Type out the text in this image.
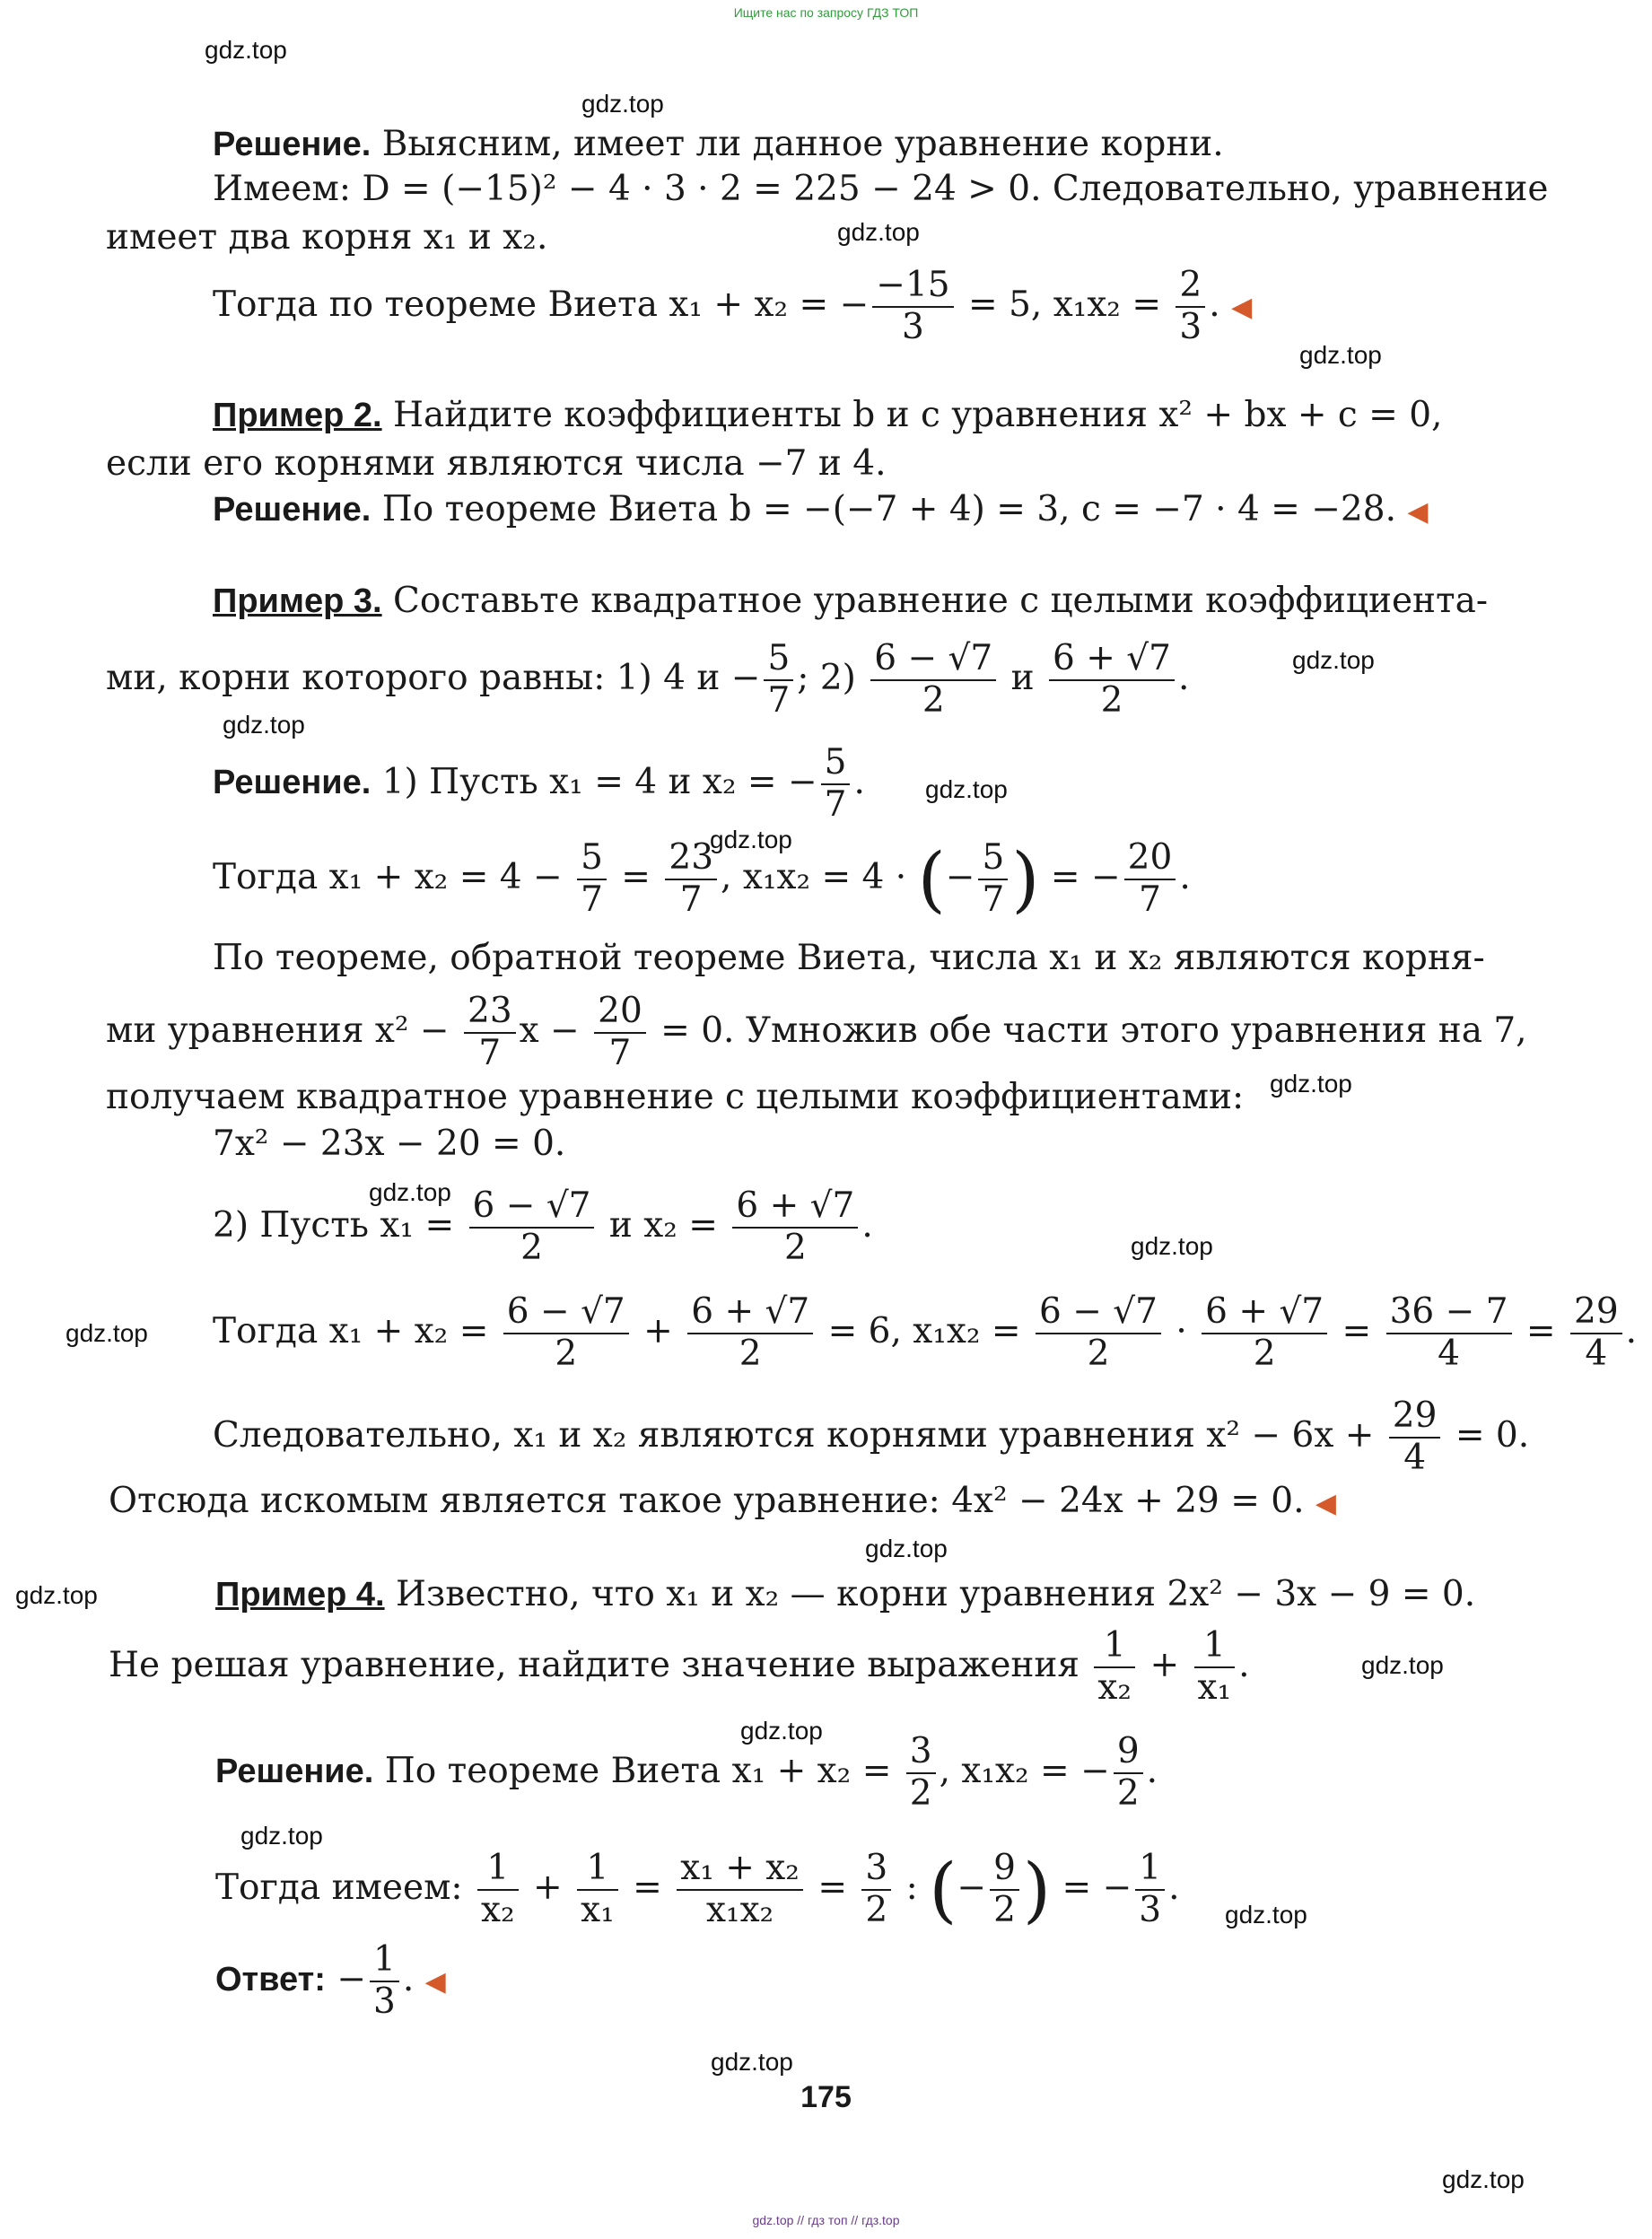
Ищите нас по запросу ГДЗ ТОП
gdz.top
gdz.top
gdz.top
gdz.top
gdz.top
gdz.top
gdz.top
gdz.top
gdz.top
gdz.top
gdz.top
gdz.top
gdz.top
gdz.top
gdz.top
gdz.top
gdz.top
gdz.top
gdz.top
gdz.top
Решение. Выясним, имеет ли данное уравнение корни.
Имеем: D = (−15)² − 4 · 3 · 2 = 225 − 24 > 0. Следовательно, уравнение
имеет два корня x₁ и x₂.
Тогда по теореме Виета x₁ + x₂ = − $\frac{-15}{3} = 5$, $x_1x_2 = \frac{2}{3}$ . ◀
Пример 2. Найдите коэффициенты b и c уравнения x² + bx + c = 0,
если его корнями являются числа −7 и 4.
Решение. По теореме Виета b = −(−7 + 4) = 3, c = −7 · 4 = −28. ◀
Пример 3. Составьте квадратное уравнение с целыми коэффициента-
ми, корни которого равны: 1) 4 $и - \frac{5}{7}$ ; $2) \frac{6 - √7}{2}$ и $\frac{6 + √7}{2}$ .
Решение. 1) Пусть x₁ = 4 и x₂ = − $\frac{5}{7}$ .
Тогда $x_1 + x_2 = 4 - \frac{5}{7} = \frac{23}{7}$ , x₁x₂ = 4 · (− $\frac{5}{7}$ ) = − $\frac{20}{7}$ .
По теореме, обратной теореме Виета, числа x₁ и x₂ являются корня-
ми уравнения $x^2 - \frac{23}{7}$ $x - \frac{20}{7} = 0$. Умножив обе части этого уравнения на 7,
получаем квадратное уравнение с целыми коэффициентами:
7x² − 23x − 20 = 0.
2) Пусть $x_1 = \frac{6 - √7}{2}$ и $x_2 = \frac{6 + √7}{2}$ .
Тогда $x_1 + x_2 = \frac{6 - √7}{2} + \frac{6 + √7}{2} = 6$, $x_1x_2 = \frac{6 - √7}{2} \cdot \frac{6 + √7}{2} = \frac{36 - 7}{4} = \frac{29}{4}$ .
Следовательно, x₁ и x₂ являются корнями уравнения $x^2 - 6x + \frac{29}{4} = 0$.
Отсюда искомым является такое уравнение: 4x² − 24x + 29 = 0. ◀
Пример 4. Известно, что x₁ и x₂ — корни уравнения 2x² − 3x − 9 = 0.
Не решая уравнение, найдите значение выражения $\frac{1}{\text{x₂}} + \frac{1}{\text{x₁}}$ .
Решение. По теореме Виета $x_1 + x_2 = \frac{3}{2}$ , x₁x₂ = − $\frac{9}{2}$ .
Тогда имеем: $\frac{1}{\text{x₂}} + \frac{1}{\text{x₁}} = \frac{\text{x₁ + x₂}}{\text{x₁x₂}} = \frac{3}{2}$ : (− $\frac{9}{2}$ ) = − $\frac{1}{3}$ .
Ответ: − $\frac{1}{3}$ . ◀
175
gdz.top // гдз топ // гдз.top
